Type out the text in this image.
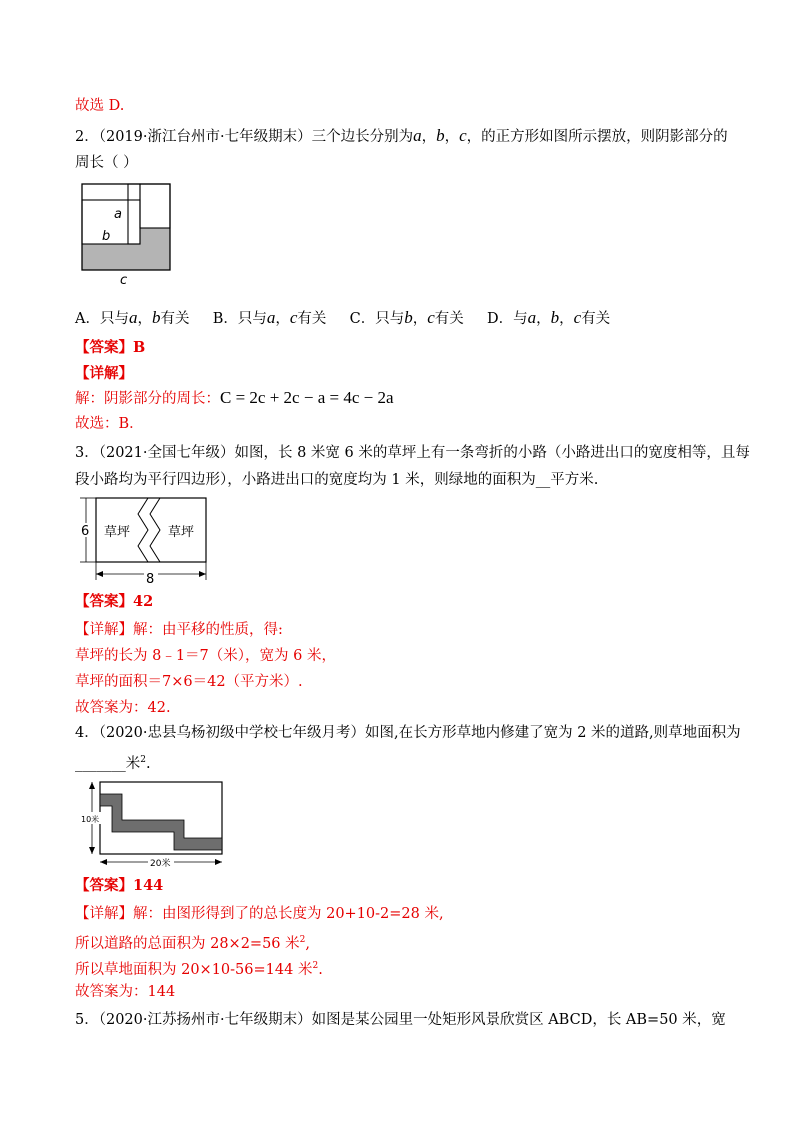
故选 D.
2．（2019·浙江台州市·七年级期末）三个边长分别为a，b，c，的正方形如图所示摆放，则阴影部分的
周长（ ）
a
b
c
A．只与a，b有关 B．只与a，c有关 C．只与b，c有关 D．与a，b，c有关
【答案】B
【详解】
解：阴影部分的周长：C = 2c + 2c − a = 4c − 2a
故选：B．
3．（2021·全国七年级）如图，长 8 米宽 6 米的草坪上有一条弯折的小路（小路进出口的宽度相等，且每
段小路均为平行四边形），小路进出口的宽度均为 1 米，则绿地的面积为__平方米.
草坪	草坪
6
8
【答案】42
【详解】解：由平移的性质，得:
草坪的长为 8﹣1＝7（米），宽为 6 米，
草坪的面积＝7×6＝42（平方米）.
故答案为：42.
4．（2020·忠县乌杨初级中学校七年级月考）如图,在长方形草地内修建了宽为 2 米的道路,则草地面积为
_______米$^2$.
10米
20米
【答案】144
【详解】解：由图形得到了的总长度为 20+10-2=28 米,
所以道路的总面积为 28×2=56 米$^2$,
所以草地面积为 20×10-56=144 米$^2$.
故答案为：144
5．（2020·江苏扬州市·七年级期末）如图是某公园里一处矩形风景欣赏区 ABCD，长 AB=50 米，宽
